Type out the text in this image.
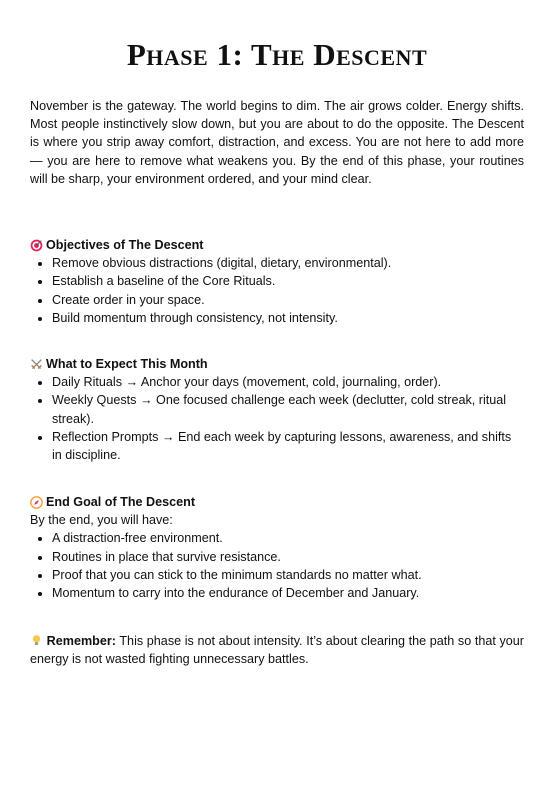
Phase 1: The Descent

November is the gateway. The world begins to dim. The air grows colder. Energy shifts. Most people instinctively slow down, but you are about to do the opposite. The Descent is where you strip away comfort, distraction, and excess. You are not here to add more — you are here to remove what weakens you. By the end of this phase, your routines will be sharp, your environment ordered, and your mind clear.

Objectives of The Descent
• Remove obvious distractions (digital, dietary, environmental).
• Establish a baseline of the Core Rituals.
• Create order in your space.
• Build momentum through consistency, not intensity.
What to Expect This Month
• Daily Rituals → Anchor your days (movement, cold, journaling, order).
• Weekly Quests → One focused challenge each week (declutter, cold streak, ritual streak).
• Reflection Prompts → End each week by capturing lessons, awareness, and shifts in discipline.
End Goal of The Descent

By the end, you will have:

• A distraction-free environment.
• Routines in place that survive resistance.
• Proof that you can stick to the minimum standards no matter what.
• Momentum to carry into the endurance of December and January.

Remember: This phase is not about intensity. It’s about clearing the path so that your energy is not wasted fighting unnecessary battles.
